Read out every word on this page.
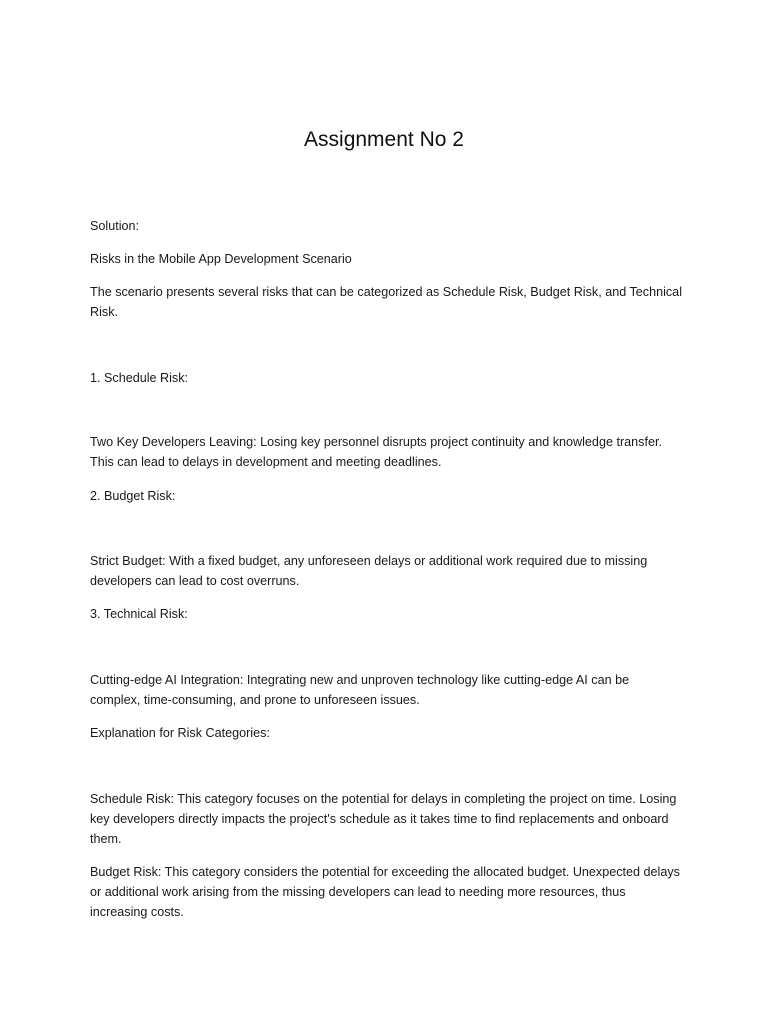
Assignment No 2

Solution:

Risks in the Mobile App Development Scenario

The scenario presents several risks that can be categorized as Schedule Risk, Budget Risk, and Technical Risk.

1. Schedule Risk:

Two Key Developers Leaving: Losing key personnel disrupts project continuity and knowledge transfer. This can lead to delays in development and meeting deadlines.

2. Budget Risk:

Strict Budget: With a fixed budget, any unforeseen delays or additional work required due to missing developers can lead to cost overruns.

3. Technical Risk:

Cutting-edge AI Integration: Integrating new and unproven technology like cutting-edge AI can be complex, time-consuming, and prone to unforeseen issues.

Explanation for Risk Categories:

Schedule Risk: This category focuses on the potential for delays in completing the project on time. Losing key developers directly impacts the project's schedule as it takes time to find replacements and onboard them.

Budget Risk: This category considers the potential for exceeding the allocated budget. Unexpected delays or additional work arising from the missing developers can lead to needing more resources, thus increasing costs.
